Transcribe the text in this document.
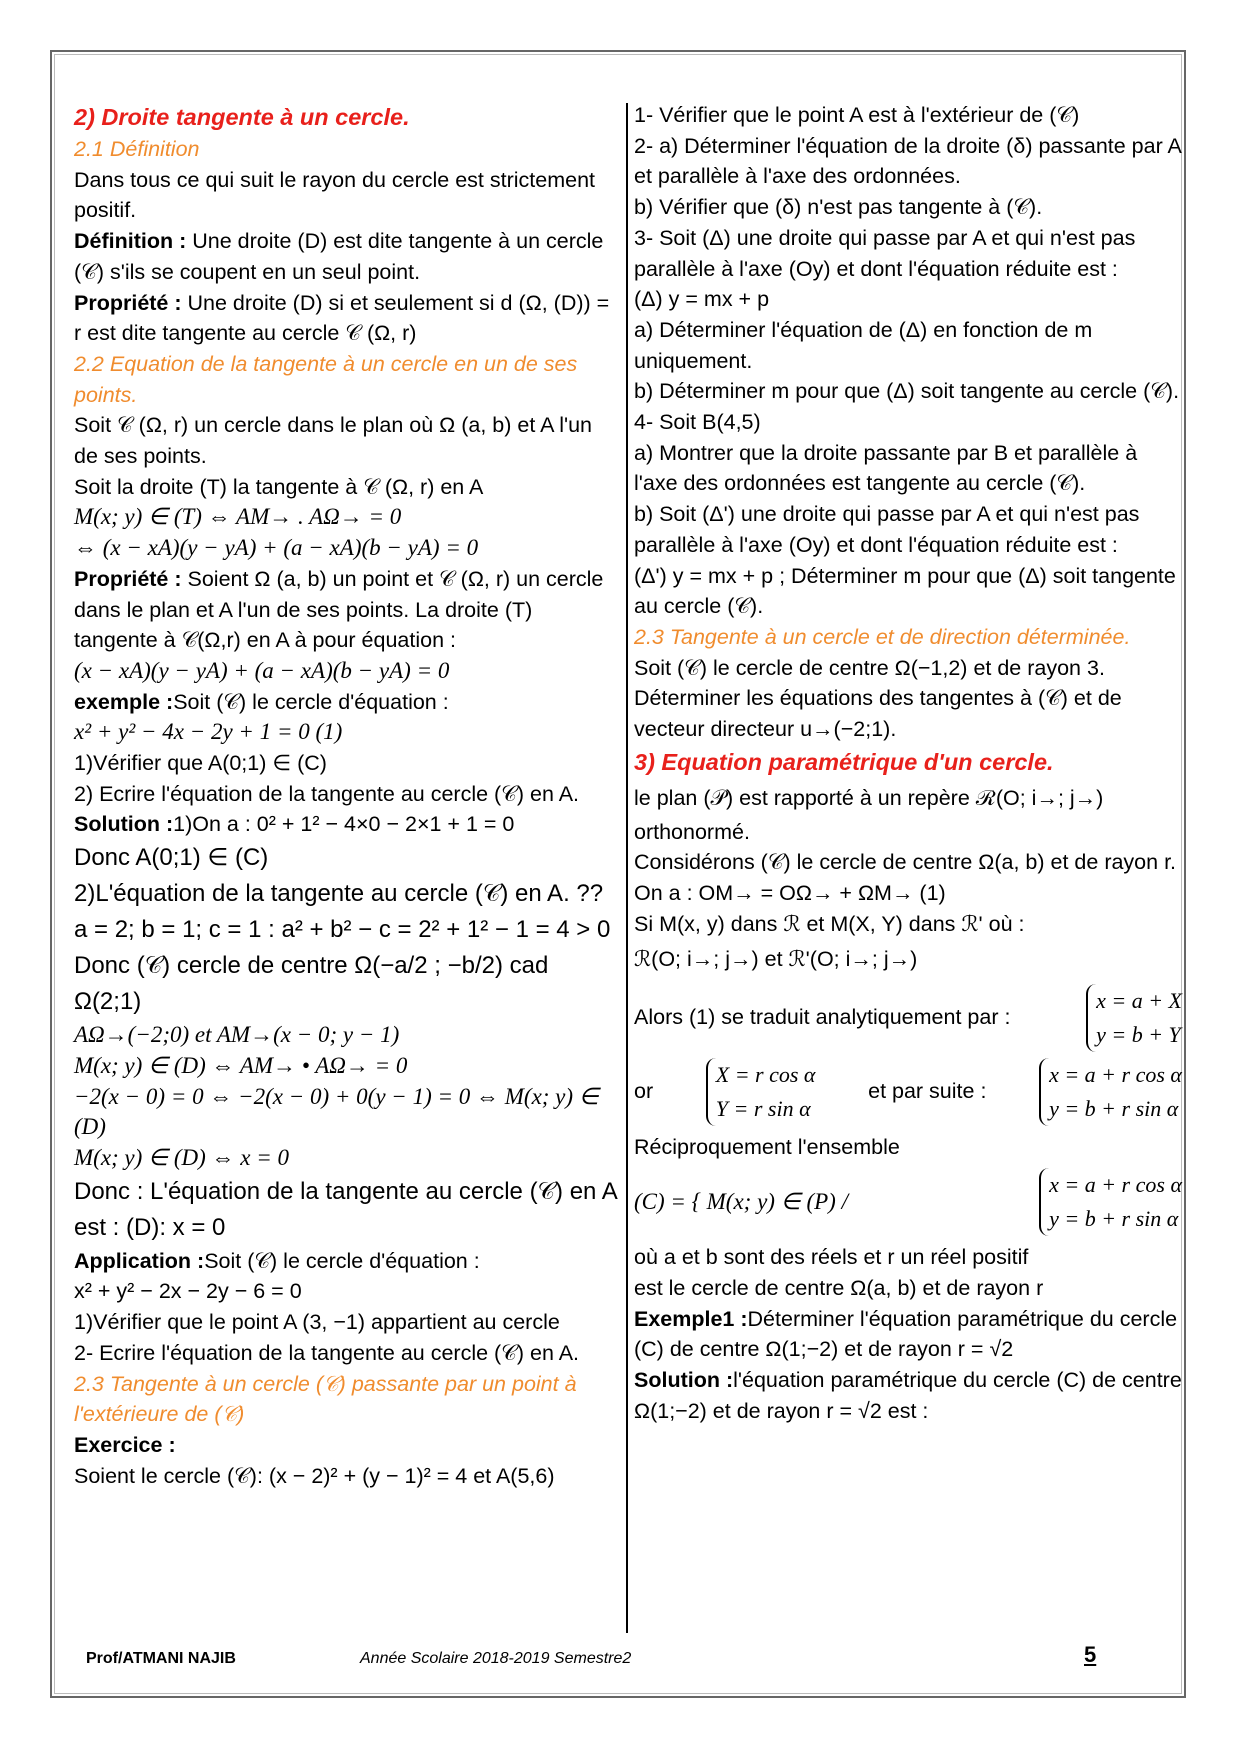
2) Droite tangente à un cercle.

2.1 Définition

Dans tous ce qui suit le rayon du cercle est strictement positif.

Définition : Une droite (D) est dite tangente à un cercle (𝒞) s'ils se coupent en un seul point.

Propriété : Une droite (D) si et seulement si d (Ω, (D)) = r est dite tangente au cercle 𝒞 (Ω, r)

2.2 Equation de la tangente à un cercle en un de ses points.

Soit 𝒞 (Ω, r) un cercle dans le plan où Ω (a, b) et A l'un de ses points.

Soit la droite (T) la tangente à 𝒞 (Ω, r) en A

M(x; y) ∈ (T) ⇔ AM→ . AΩ→ = 0

⇔ (x − xA)(y − yA) + (a − xA)(b − yA) = 0

Propriété : Soient Ω (a, b) un point et 𝒞 (Ω, r) un cercle dans le plan et A l'un de ses points. La droite (T) tangente à 𝒞(Ω,r) en A à pour équation :

(x − xA)(y − yA) + (a − xA)(b − yA) = 0

exemple :Soit (𝒞) le cercle d'équation :

x² + y² − 4x − 2y + 1 = 0 (1)

1)Vérifier que A(0;1) ∈ (C)

2) Ecrire l'équation de la tangente au cercle (𝒞) en A.

Solution :1)On a : 0² + 1² − 4×0 − 2×1 + 1 = 0

Donc A(0;1) ∈ (C)

2)L'équation de la tangente au cercle (𝒞) en A. ??

a = 2; b = 1; c = 1 : a² + b² − c = 2² + 1² − 1 = 4 > 0

Donc (𝒞) cercle de centre Ω(−a/2 ; −b/2) cad Ω(2;1)

AΩ→(−2;0) et AM→(x − 0; y − 1)

M(x; y) ∈ (D) ⇔ AM→ • AΩ→ = 0

−2(x − 0) = 0 ⇔ −2(x − 0) + 0(y − 1) = 0 ⇔ M(x; y) ∈ (D)

M(x; y) ∈ (D) ⇔ x = 0

Donc : L'équation de la tangente au cercle (𝒞) en A est : (D): x = 0

Application :Soit (𝒞) le cercle d'équation :

x² + y² − 2x − 2y − 6 = 0

1)Vérifier que le point A (3, −1) appartient au cercle

2- Ecrire l'équation de la tangente au cercle (𝒞) en A.

2.3 Tangente à un cercle (𝒞) passante par un point à l'extérieure de (𝒞)

Exercice :

Soient le cercle (𝒞): (x − 2)² + (y − 1)² = 4 et A(5,6)

1- Vérifier que le point A est à l'extérieur de (𝒞)

2- a) Déterminer l'équation de la droite (δ) passante par A et parallèle à l'axe des ordonnées.

b) Vérifier que (δ) n'est pas tangente à (𝒞).

3- Soit (Δ) une droite qui passe par A et qui n'est pas parallèle à l'axe (Oy) et dont l'équation réduite est :

(Δ) y = mx + p

a) Déterminer l'équation de (Δ) en fonction de m uniquement.

b) Déterminer m pour que (Δ) soit tangente au cercle (𝒞).

4- Soit B(4,5)

a) Montrer que la droite passante par B et parallèle à l'axe des ordonnées est tangente au cercle (𝒞).

b) Soit (Δ') une droite qui passe par A et qui n'est pas parallèle à l'axe (Oy) et dont l'équation réduite est :

(Δ') y = mx + p ; Déterminer m pour que (Δ) soit tangente au cercle (𝒞).

2.3 Tangente à un cercle et de direction déterminée.

Soit (𝒞) le cercle de centre Ω(−1,2) et de rayon 3.

Déterminer les équations des tangentes à (𝒞) et de vecteur directeur u→(−2;1).

3) Equation paramétrique d'un cercle.

le plan (𝒫) est rapporté à un repère ℛ(O; i→; j→)

orthonormé.

Considérons (𝒞) le cercle de centre Ω(a, b) et de rayon r. On a : OM→ = OΩ→ + ΩM→ (1)

Si M(x, y) dans ℛ et M(X, Y) dans ℛ' où :

ℛ(O; i→; j→) et ℛ'(O; i→; j→)

Alors (1) se traduit analytiquement par :
x = a + X
y = b + Y

or
X = r cos α
Y = r sin α
et par suite :
x = a + r cos α
y = b + r sin α

Réciproquement l'ensemble

(C) = { M(x; y) ∈ (P) /
x = a + r cos α
y = b + r sin α

où a et b sont des réels et r un réel positif

est le cercle de centre Ω(a, b) et de rayon r

Exemple1 :Déterminer l'équation paramétrique du cercle (C) de centre Ω(1;−2) et de rayon r = √2

Solution :l'équation paramétrique du cercle (C) de centre Ω(1;−2) et de rayon r = √2 est :

Prof/ATMANI NAJIB	Année Scolaire 2018-2019 Semestre2	5
